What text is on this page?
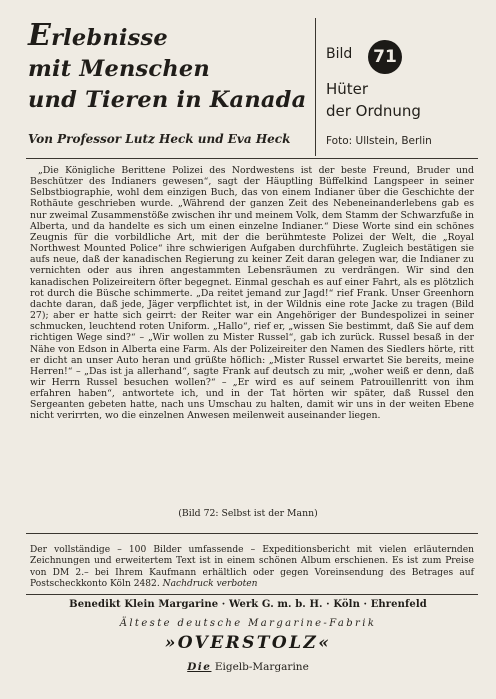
Erlebnisse
mit Menschen
und Tieren in Kanada
Von Professor Lutz Heck und Eva Heck
Bild	71
Hüter
der Ordnung
Foto: Ullstein, Berlin

„Die Königliche Berittene Polizei des Nordwestens ist der beste Freund, Bruder und Beschützer des Indianers gewesen“, sagt der Häuptling Büffelkind Langspeer in seiner Selbstbiographie, wohl dem einzigen Buch, das von einem Indianer über die Geschichte der Rothäute geschrieben wurde. „Während der ganzen Zeit des Nebeneinanderlebens gab es nur zweimal Zusammenstöße zwischen ihr und meinem Volk, dem Stamm der Schwarzfuße in Alberta, und da handelte es sich um einen einzelne Indianer.“ Diese Worte sind ein schönes Zeugnis für die vorbildliche Art, mit der die berühmteste Polizei der Welt, die „Royal Northwest Mounted Police“ ihre schwierigen Aufgaben durchführte. Zugleich bestätigen sie aufs neue, daß der kanadischen Regierung zu keiner Zeit daran gelegen war, die Indianer zu vernichten oder aus ihren angestammten Lebensräumen zu verdrängen. Wir sind den kanadischen Polizeireitern öfter begegnet. Einmal geschah es auf einer Fahrt, als es plötzlich rot durch die Büsche schimmerte. „Da reitet jemand zur Jagd!“ rief Frank. Unser Greenhorn dachte daran, daß jede, Jäger verpflichtet ist, in der Wildnis eine rote Jacke zu tragen (Bild 27); aber er hatte sich geirrt: der Reiter war ein Angehöriger der Bundespolizei in seiner schmucken, leuchtend roten Uniform. „Hallo“, rief er, „wissen Sie bestimmt, daß Sie auf dem richtigen Wege sind?“ – „Wir wollen zu Mister Russel“, gab ich zurück. Russel besaß in der Nähe von Edson in Alberta eine Farm. Als der Polizeireiter den Namen des Siedlers hörte, ritt er dicht an unser Auto heran und grüßte höflich: „Mister Russel erwartet Sie bereits, meine Herren!“ – „Das ist ja allerhand“, sagte Frank auf deutsch zu mir, „woher weiß er denn, daß wir Herrn Russel besuchen wollen?“ – „Er wird es auf seinem Patrouillenritt von ihm erfahren haben“, antwortete ich, und in der Tat hörten wir später, daß Russel den Sergeanten gebeten hatte, nach uns Umschau zu halten, damit wir uns in der weiten Ebene nicht verirrten, wo die einzelnen Anwesen meilenweit auseinander liegen.

(Bild 72: Selbst ist der Mann)
Der vollständige – 100 Bilder umfassende – Expeditionsbericht mit vielen erläuternden Zeichnungen und erweitertem Text ist in einem schönen Album erschienen. Es ist zum Preise von DM 2.– bei Ihrem Kaufmann erhältlich oder gegen Voreinsendung des Betrages auf Postscheckkonto Köln 2482. Nachdruck verboten
Benedikt Klein Margarine · Werk G. m. b. H. · Köln · Ehrenfeld
Älteste deutsche Margarine-Fabrik
»OVERSTOLZ«
Die Eigelb-Margarine
